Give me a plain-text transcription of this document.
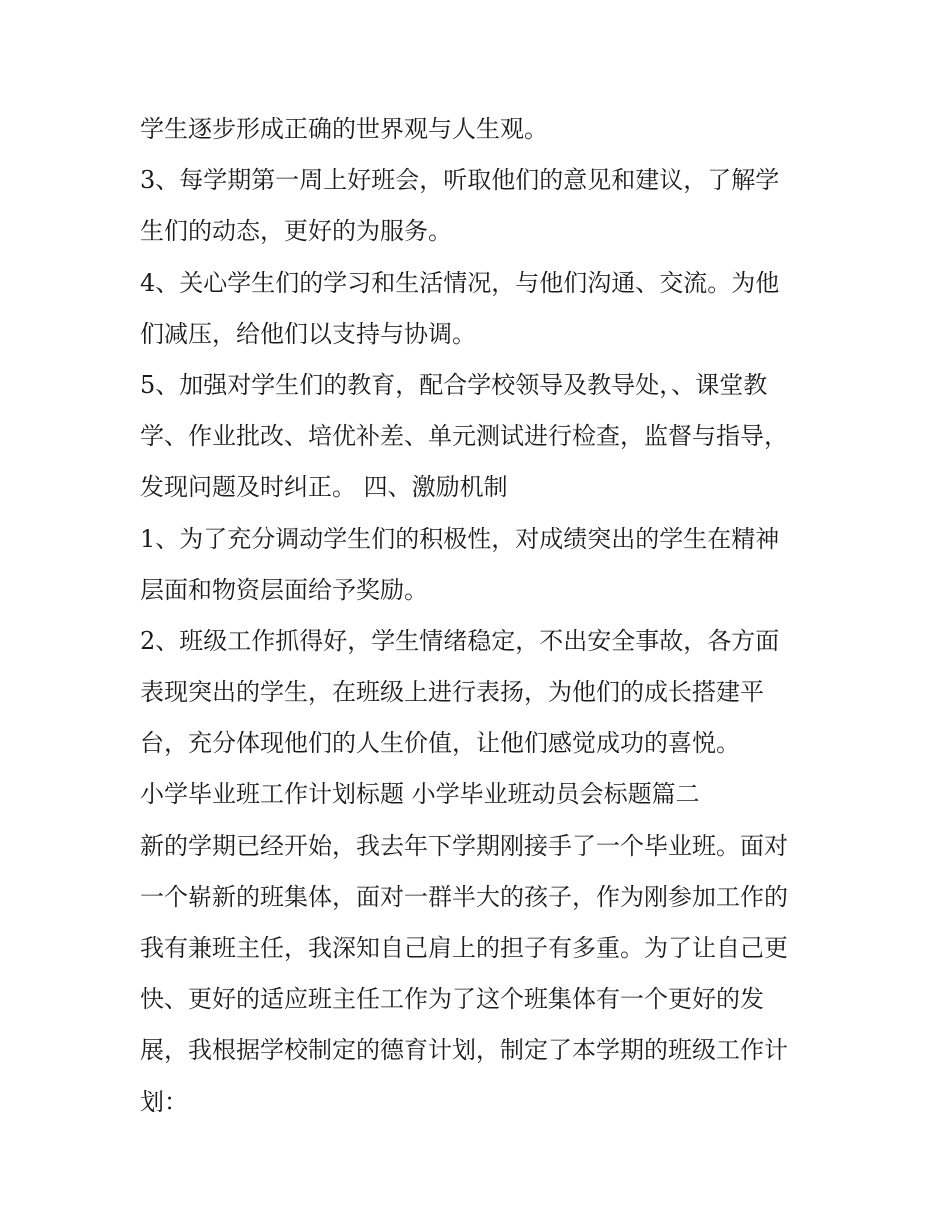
学生逐步形成正确的世界观与人生观。
3、每学期第一周上好班会，听取他们的意见和建议，了解学
生们的动态，更好的为服务。
4、关心学生们的学习和生活情况，与他们沟通、交流。为他
们减压，给他们以支持与协调。
5、加强对学生们的教育，配合学校领导及教导处，、课堂教
学、作业批改、培优补差、单元测试进行检查，监督与指导，
发现问题及时纠正。 四、激励机制
1、为了充分调动学生们的积极性，对成绩突出的学生在精神
层面和物资层面给予奖励。
2、班级工作抓得好，学生情绪稳定，不出安全事故，各方面
表现突出的学生，在班级上进行表扬，为他们的成长搭建平
台，充分体现他们的人生价值，让他们感觉成功的喜悦。
小学毕业班工作计划标题 小学毕业班动员会标题篇二
新的学期已经开始，我去年下学期刚接手了一个毕业班。面对
一个崭新的班集体，面对一群半大的孩子，作为刚参加工作的
我有兼班主任，我深知自己肩上的担子有多重。为了让自己更
快、更好的适应班主任工作为了这个班集体有一个更好的发
展，我根据学校制定的德育计划，制定了本学期的班级工作计
划：
